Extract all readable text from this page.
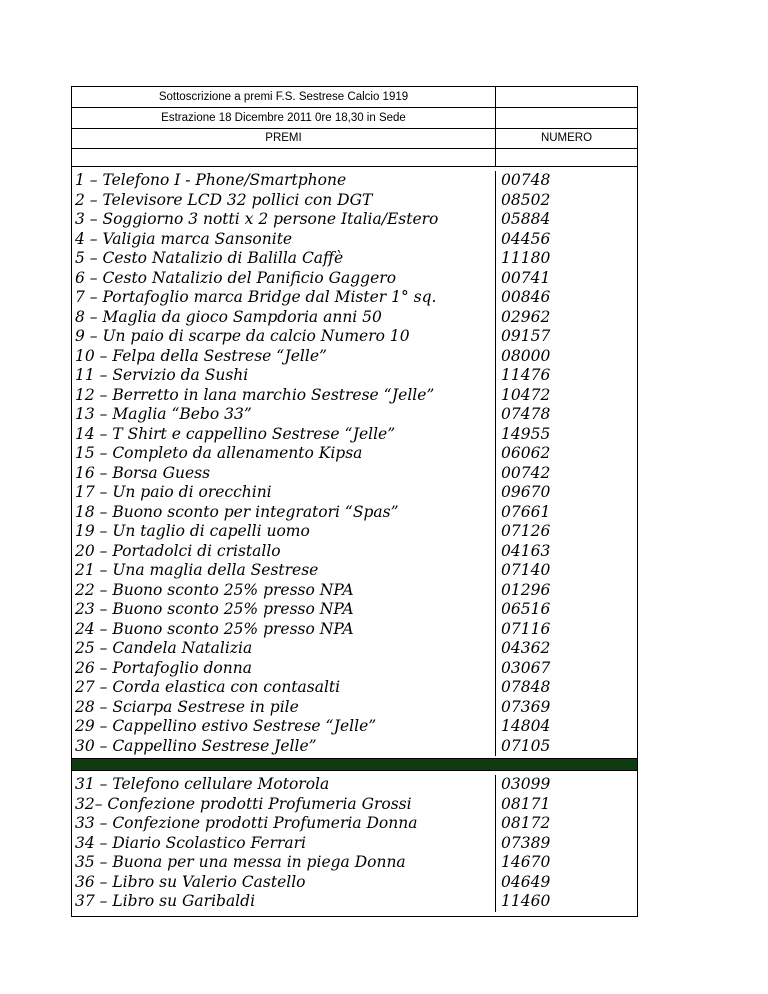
Sottoscrizione a premi F.S. Sestrese Calcio 1919
Estrazione 18 Dicembre 2011 0re 18,30 in Sede
PREMI	NUMERO
1 – Telefono I - Phone/Smartphone
2 – Televisore LCD 32 pollici con DGT
3 – Soggiorno 3 notti x 2 persone Italia/Estero
4 – Valigia marca Sansonite
5 – Cesto Natalizio di Balilla Caffè
6 – Cesto Natalizio del Panificio Gaggero
7 – Portafoglio marca Bridge dal Mister 1° sq.
8 – Maglia da gioco Sampdoria anni 50
9 – Un paio di scarpe da calcio Numero 10
10 – Felpa della Sestrese “Jelle”
11 – Servizio da Sushi
12 – Berretto in lana marchio Sestrese “Jelle”
13 – Maglia “Bebo 33”
14 – T Shirt e cappellino Sestrese “Jelle”
15 – Completo da allenamento Kipsa
16 – Borsa Guess
17 – Un paio di orecchini
18 – Buono sconto per integratori “Spas”
19 – Un taglio di capelli uomo
20 – Portadolci di cristallo
21 – Una maglia della Sestrese
22 – Buono sconto 25% presso NPA
23 – Buono sconto 25% presso NPA
24 – Buono sconto 25% presso NPA
25 – Candela Natalizia
26 – Portafoglio donna
27 – Corda elastica con contasalti
28 – Sciarpa Sestrese in pile
29 – Cappellino estivo Sestrese “Jelle”
30 – Cappellino Sestrese Jelle”
00748
08502
05884
04456
11180
00741
00846
02962
09157
08000
11476
10472
07478
14955
06062
00742
09670
07661
07126
04163
07140
01296
06516
07116
04362
03067
07848
07369
14804
07105
31 – Telefono cellulare Motorola
32– Confezione prodotti Profumeria Grossi
33 – Confezione prodotti Profumeria Donna
34 – Diario Scolastico Ferrari
35 – Buona per una messa in piega Donna
36 – Libro su Valerio Castello
37 – Libro su Garibaldi
03099
08171
08172
07389
14670
04649
11460
